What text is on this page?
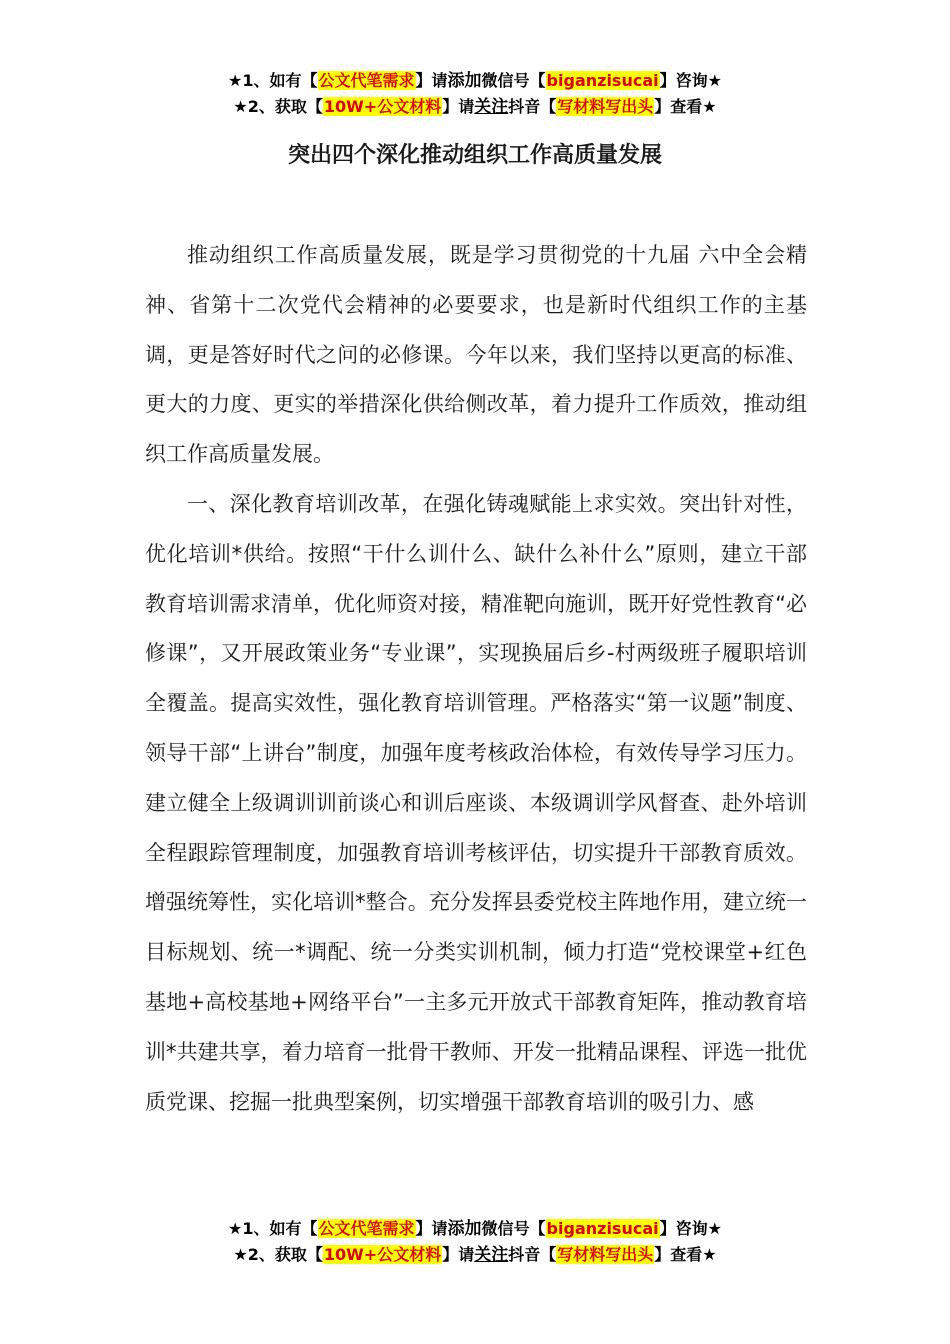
★1、如有【公文代笔需求】请添加微信号【biganzisucai】咨询★
★2、获取【10W+公文材料】请关注抖音【写材料写出头】查看★
突出四个深化推动组织工作高质量发展

推动组织工作高质量发展，既是学习贯彻党的十九届 六中全会精神、省第十二次党代会精神的必要要求，也是新时代组织工作的主基调，更是答好时代之问的必修课。今年以来，我们坚持以更高的标准、更大的力度、更实的举措深化供给侧改革，着力提升工作质效，推动组织工作高质量发展。

一、深化教育培训改革，在强化铸魂赋能上求实效。突出针对性，优化培训*供给。按照“干什么训什么、缺什么补什么”原则，建立干部教育培训需求清单，优化师资对接，精准靶向施训，既开好党性教育“必修课”，又开展政策业务“专业课”，实现换届后乡-村两级班子履职培训全覆盖。提高实效性，强化教育培训管理。严格落实“第一议题”制度、领导干部“上讲台”制度，加强年度考核政治体检，有效传导学习压力。建立健全上级调训训前谈心和训后座谈、本级调训学风督查、赴外培训全程跟踪管理制度，加强教育培训考核评估，切实提升干部教育质效。增强统筹性，实化培训*整合。充分发挥县委党校主阵地作用，建立统一目标规划、统一*调配、统一分类实训机制，倾力打造“党校课堂+红色基地+高校基地+网络平台”一主多元开放式干部教育矩阵，推动教育培训*共建共享，着力培育一批骨干教师、开发一批精品课程、评选一批优质党课、挖掘一批典型案例，切实增强干部教育培训的吸引力、感

★1、如有【公文代笔需求】请添加微信号【biganzisucai】咨询★
★2、获取【10W+公文材料】请关注抖音【写材料写出头】查看★
